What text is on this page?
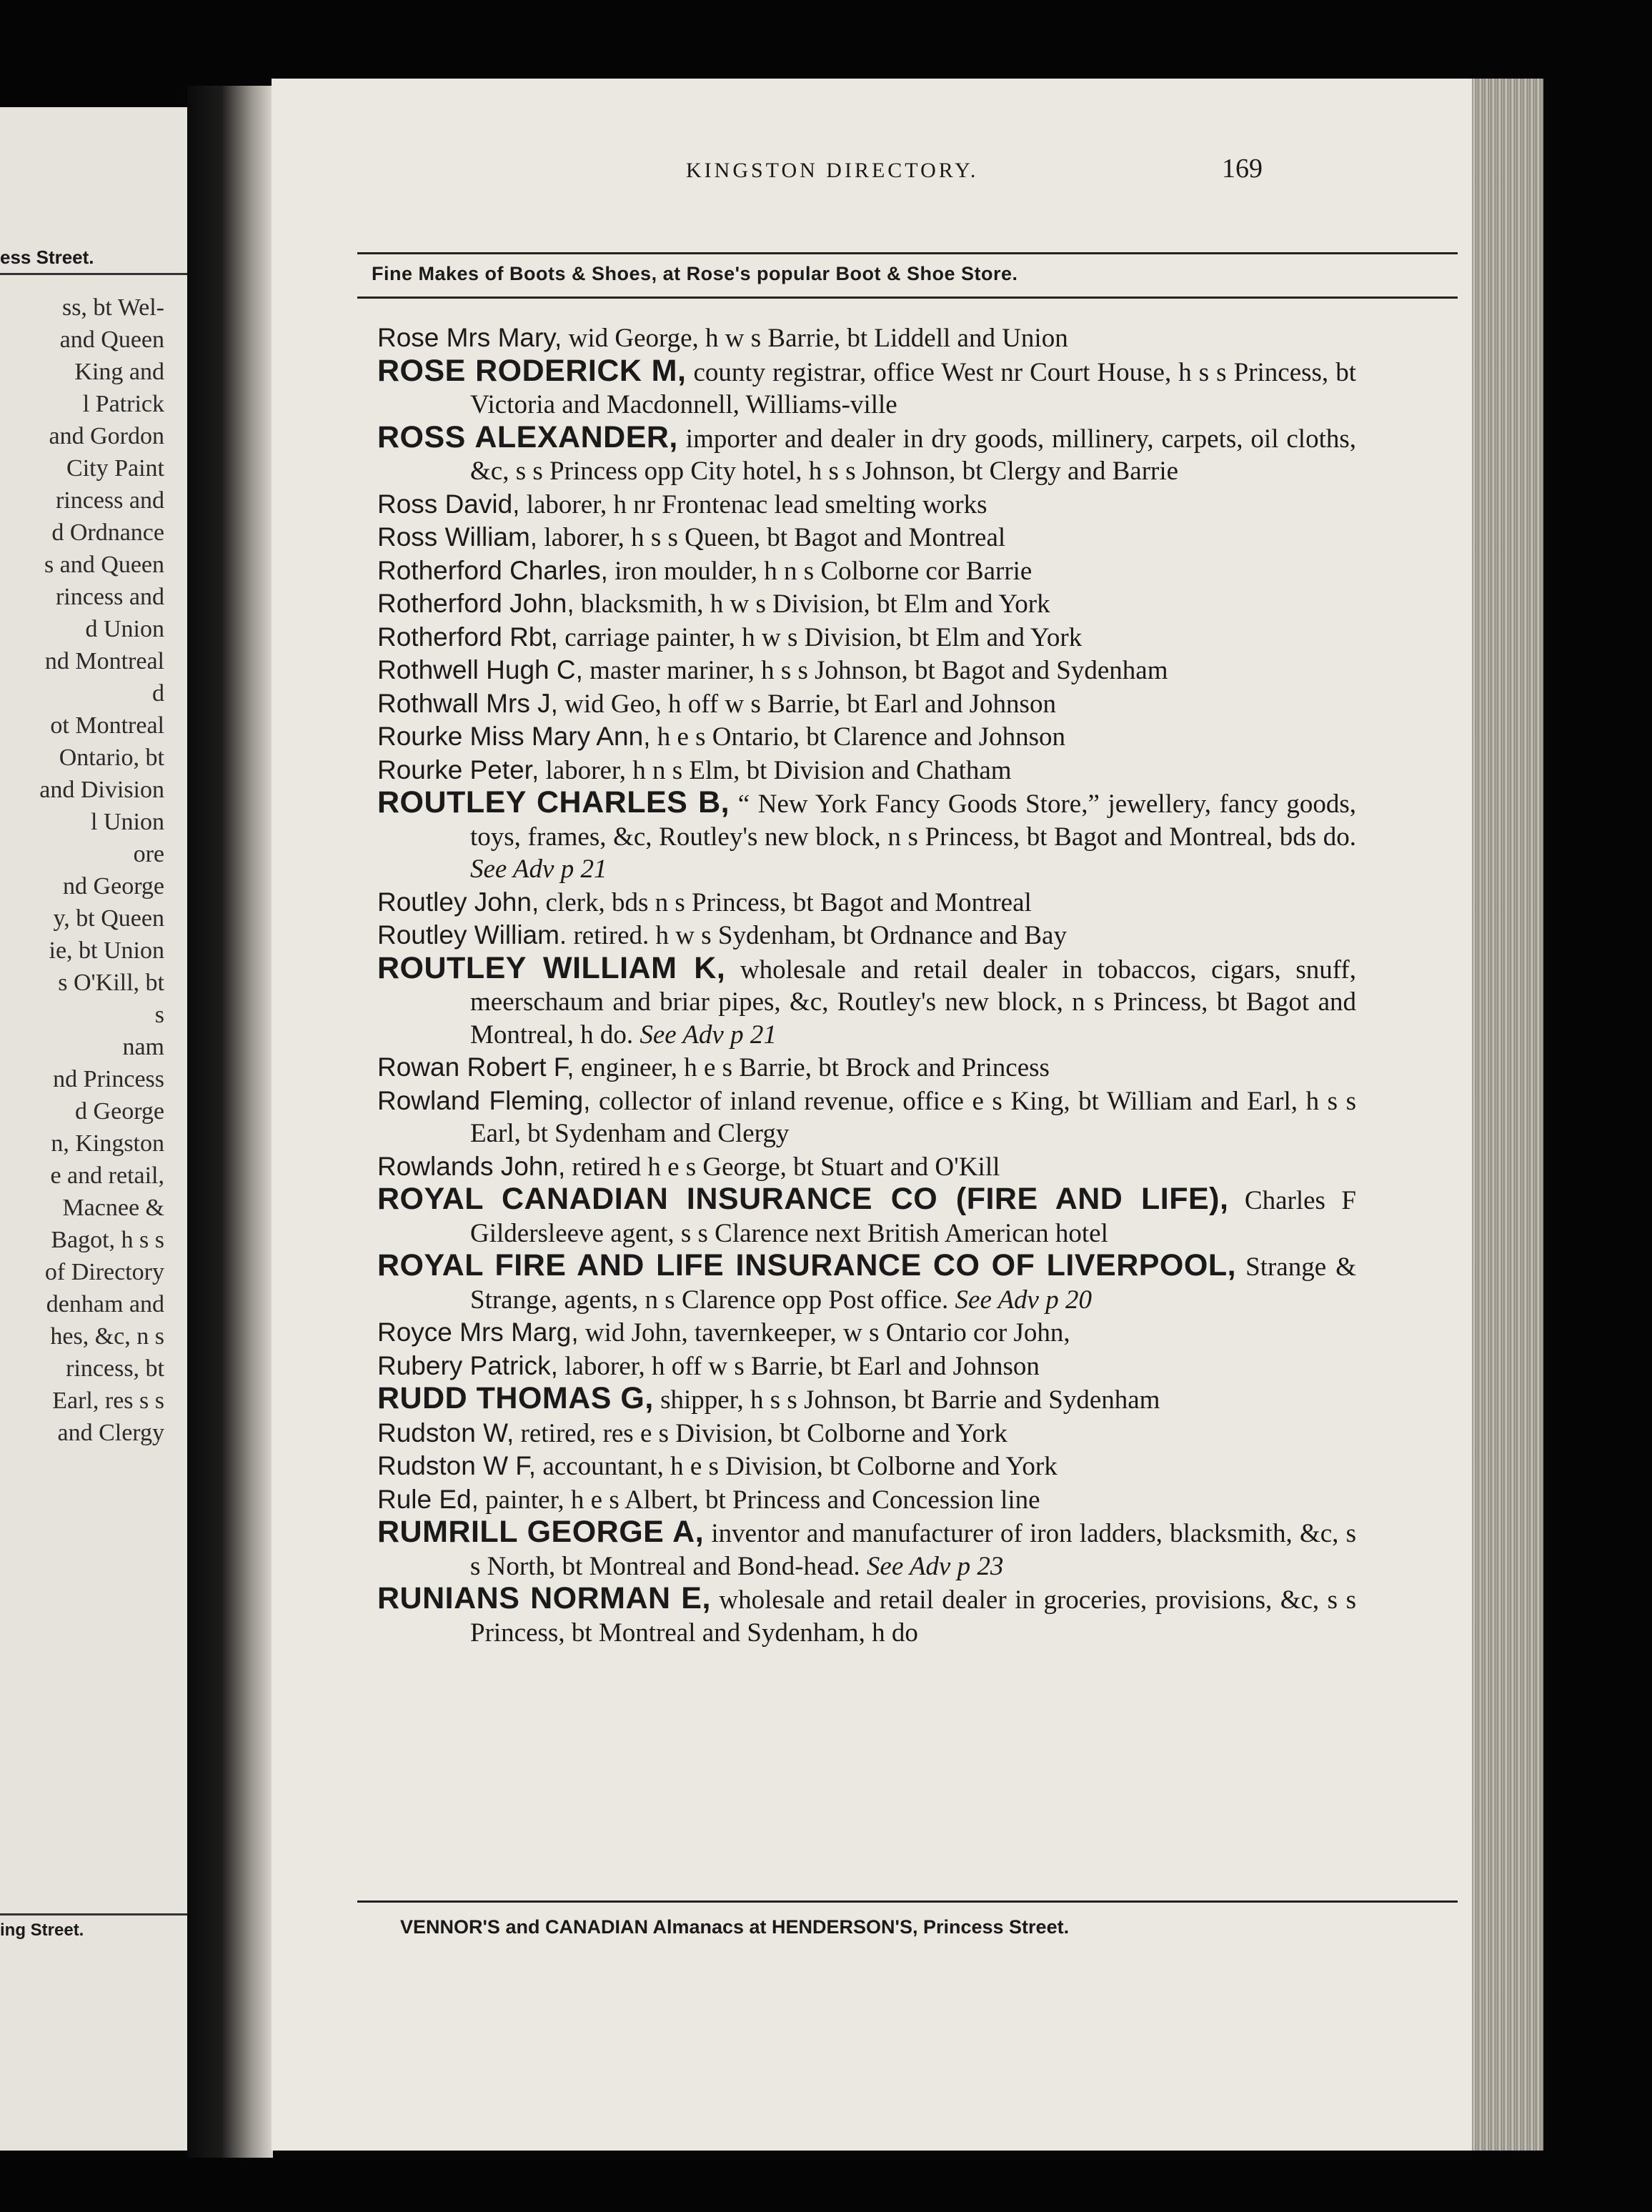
ess Street.
ss, bt Wel-
and Queen
King and
l Patrick
and Gordon
City Paint
rincess and
d Ordnance
s and Queen
rincess and
d Union
nd Montreal
d
ot Montreal
Ontario, bt
and Division
l Union
ore
nd George
y, bt Queen
ie, bt Union
s O'Kill, bt
s
nam
nd Princess
d George
n, Kingston
e and retail,
Macnee &
Bagot, h s s
of Directory
denham and
hes, &c, n s
rincess, bt
Earl, res s s
and Clergy
ing Street.
KINGSTON DIRECTORY.	169
Fine Makes of Boots & Shoes, at Rose's popular Boot & Shoe Store.
Rose Mrs Mary, wid George, h w s Barrie, bt Liddell and Union
ROSE RODERICK M, county registrar, office West nr Court House, h s s Princess, bt Victoria and Macdonnell, Williams-ville
ROSS ALEXANDER, importer and dealer in dry goods, millinery, carpets, oil cloths, &c, s s Princess opp City hotel, h s s Johnson, bt Clergy and Barrie
Ross David, laborer, h nr Frontenac lead smelting works
Ross William, laborer, h s s Queen, bt Bagot and Montreal
Rotherford Charles, iron moulder, h n s Colborne cor Barrie
Rotherford John, blacksmith, h w s Division, bt Elm and York
Rotherford Rbt, carriage painter, h w s Division, bt Elm and York
Rothwell Hugh C, master mariner, h s s Johnson, bt Bagot and Sydenham
Rothwall Mrs J, wid Geo, h off w s Barrie, bt Earl and Johnson
Rourke Miss Mary Ann, h e s Ontario, bt Clarence and Johnson
Rourke Peter, laborer, h n s Elm, bt Division and Chatham
ROUTLEY CHARLES B, “ New York Fancy Goods Store,” jewellery, fancy goods, toys, frames, &c, Routley's new block, n s Princess, bt Bagot and Montreal, bds do. See Adv p 21
Routley John, clerk, bds n s Princess, bt Bagot and Montreal
Routley William. retired. h w s Sydenham, bt Ordnance and Bay
ROUTLEY WILLIAM K, wholesale and retail dealer in tobaccos, cigars, snuff, meerschaum and briar pipes, &c, Routley's new block, n s Princess, bt Bagot and Montreal, h do. See Adv p 21
Rowan Robert F, engineer, h e s Barrie, bt Brock and Princess
Rowland Fleming, collector of inland revenue, office e s King, bt William and Earl, h s s Earl, bt Sydenham and Clergy
Rowlands John, retired h e s George, bt Stuart and O'Kill
ROYAL CANADIAN INSURANCE CO (FIRE AND LIFE), Charles F Gildersleeve agent, s s Clarence next British American hotel
ROYAL FIRE AND LIFE INSURANCE CO OF LIVERPOOL, Strange & Strange, agents, n s Clarence opp Post office. See Adv p 20
Royce Mrs Marg, wid John, tavernkeeper, w s Ontario cor John,
Rubery Patrick, laborer, h off w s Barrie, bt Earl and Johnson
RUDD THOMAS G, shipper, h s s Johnson, bt Barrie and Sydenham
Rudston W, retired, res e s Division, bt Colborne and York
Rudston W F, accountant, h e s Division, bt Colborne and York
Rule Ed, painter, h e s Albert, bt Princess and Concession line
RUMRILL GEORGE A, inventor and manufacturer of iron ladders, blacksmith, &c, s s North, bt Montreal and Bond-head. See Adv p 23
RUNIANS NORMAN E, wholesale and retail dealer in groceries, provisions, &c, s s Princess, bt Montreal and Sydenham, h do
VENNOR'S and CANADIAN Almanacs at HENDERSON'S, Princess Street.
